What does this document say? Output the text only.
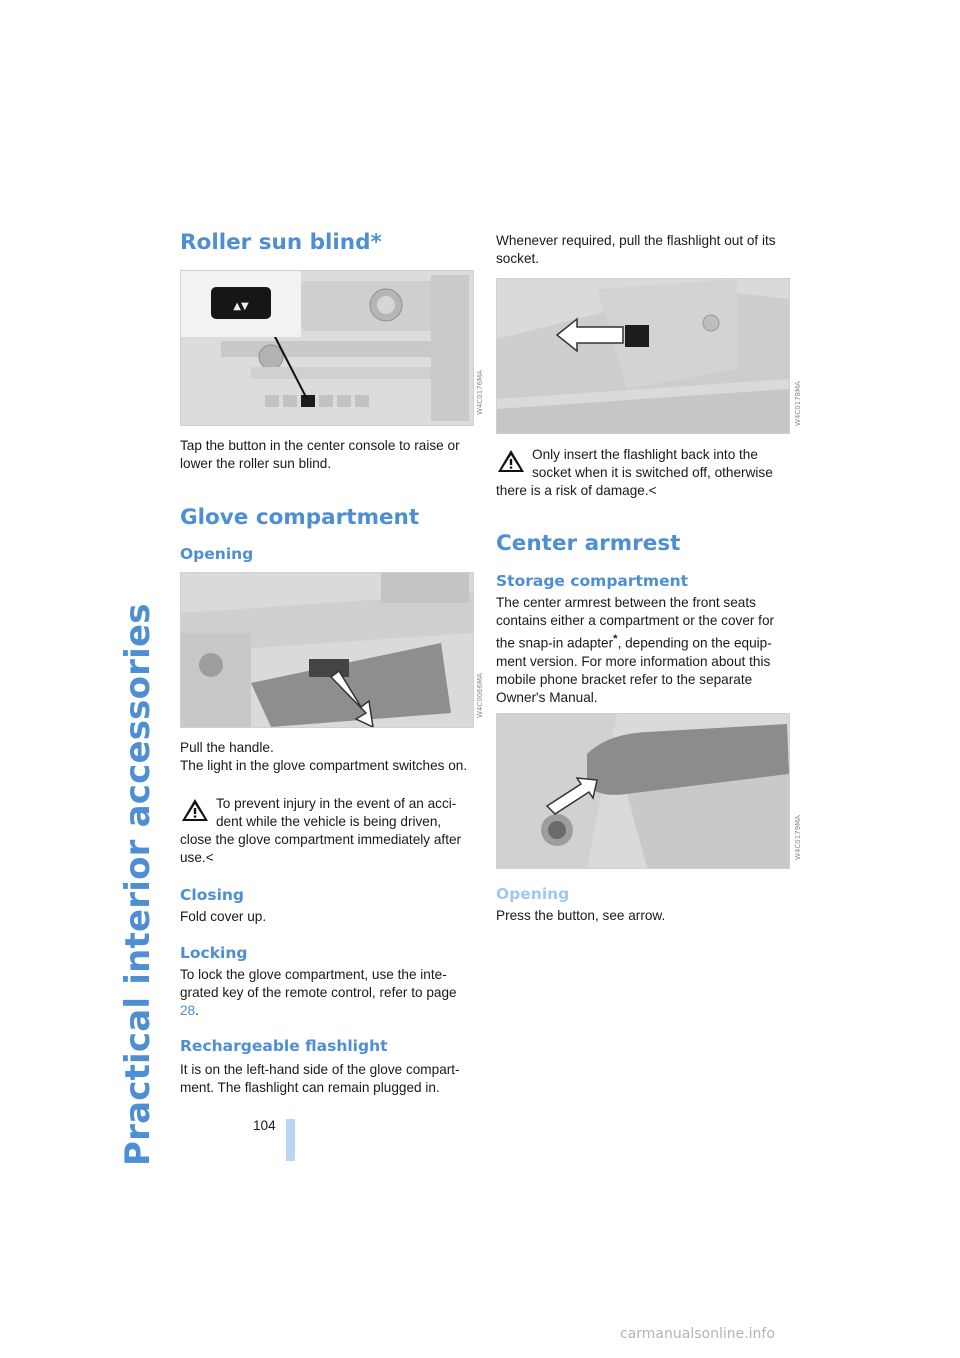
Practical interior accessories
Roller sun blind*
▲▼
W4C0176MA

Tap the button in the center console to raise or lower the roller sun blind.

Glove compartment
Opening
W4C0066MA

Pull the handle.

The light in the glove compartment switches on.

To prevent injury in the event of an acci-dent while the vehicle is being driven,

close the glove compartment immediately after use.<

Closing

Fold cover up.

Locking

To lock the glove compartment, use the inte-grated key of the remote control, refer to page 28.

Rechargeable flashlight

It is on the left-hand side of the glove compart-ment. The flashlight can remain plugged in.

Whenever required, pull the flashlight out of its socket.

W4C0178MA

Only insert the flashlight back into the socket when it is switched off, otherwise

there is a risk of damage.<

Center armrest
Storage compartment

The center armrest between the front seats contains either a compartment or the cover for the snap-in adapter*, depending on the equip-ment version. For more information about this mobile phone bracket refer to the separate Owner's Manual.

W4C0179MA
Opening

Press the button, see arrow.

104
carmanualsonline.info
